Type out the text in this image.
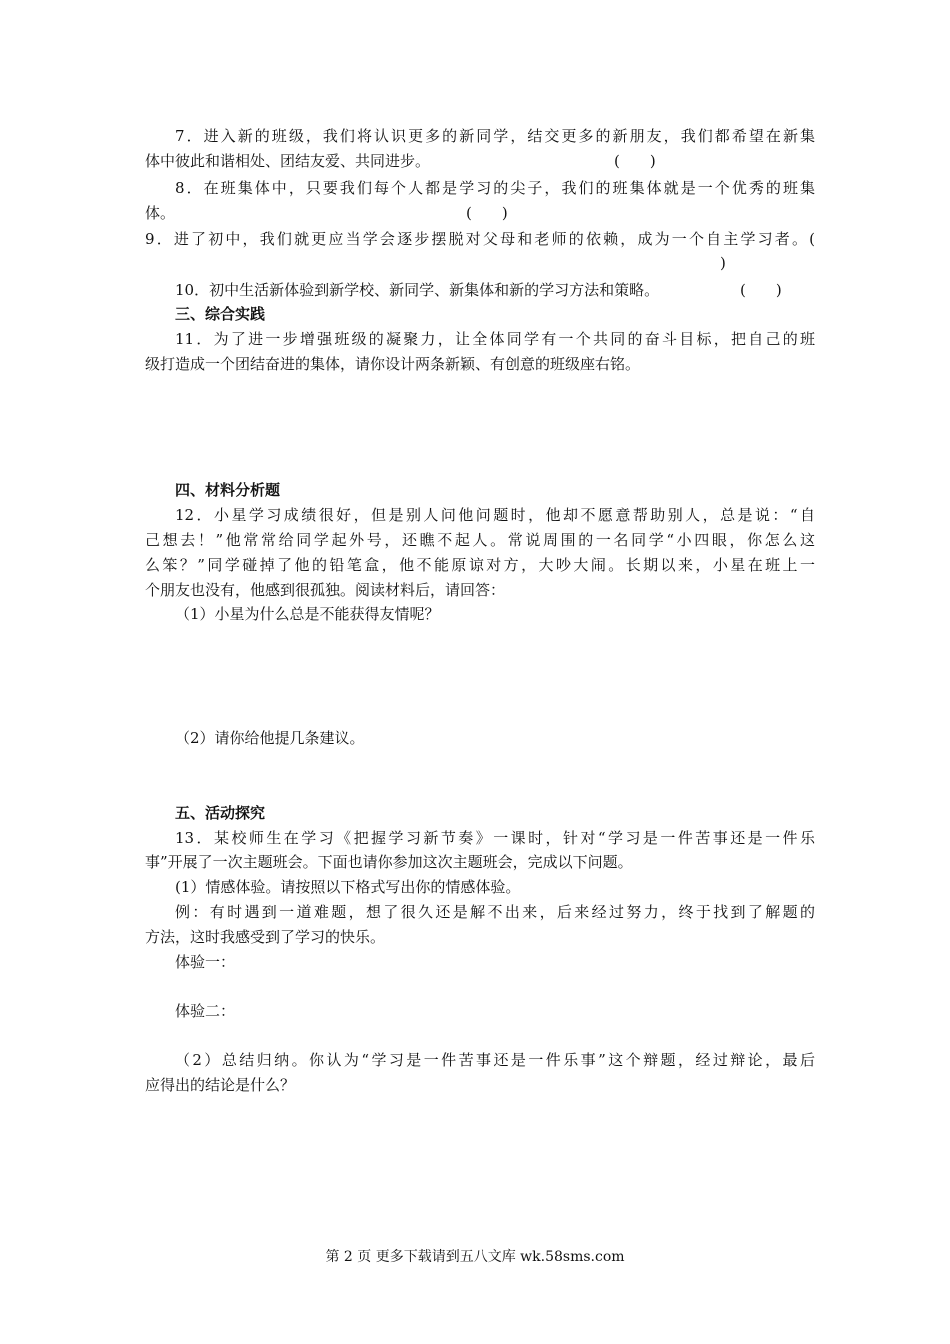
7．进入新的班级，我们将认识更多的新同学，结交更多的新朋友，我们都希望在新集
体中彼此和谐相处、团结友爱、共同进步。	(　　)
8．在班集体中，只要我们每个人都是学习的尖子，我们的班集体就是一个优秀的班集
体。	(　　)
9．进了初中，我们就更应当学会逐步摆脱对父母和老师的依赖，成为一个自主学习者。(
)
10．初中生活新体验到新学校、新同学、新集体和新的学习方法和策略。	(　　)
三、综合实践
11．为了进一步增强班级的凝聚力，让全体同学有一个共同的奋斗目标，把自己的班
级打造成一个团结奋进的集体，请你设计两条新颖、有创意的班级座右铭。
四、材料分析题
12．小星学习成绩很好，但是别人问他问题时，他却不愿意帮助别人，总是说：“自
己想去！”他常常给同学起外号，还瞧不起人。常说周围的一名同学“小四眼，你怎么这
么笨？”同学碰掉了他的铅笔盒，他不能原谅对方，大吵大闹。长期以来，小星在班上一
个朋友也没有，他感到很孤独。阅读材料后，请回答：
（1）小星为什么总是不能获得友情呢？
（2）请你给他提几条建议。
五、活动探究
13．某校师生在学习《把握学习新节奏》一课时，针对“学习是一件苦事还是一件乐
事”开展了一次主题班会。下面也请你参加这次主题班会，完成以下问题。
(1）情感体验。请按照以下格式写出你的情感体验。
例：有时遇到一道难题，想了很久还是解不出来，后来经过努力，终于找到了解题的
方法，这时我感受到了学习的快乐。
体验一：
体验二：
（2）总结归纳。你认为“学习是一件苦事还是一件乐事”这个辩题，经过辩论，最后
应得出的结论是什么？
第 2 页 更多下载请到五八文库 wk.58sms.com
